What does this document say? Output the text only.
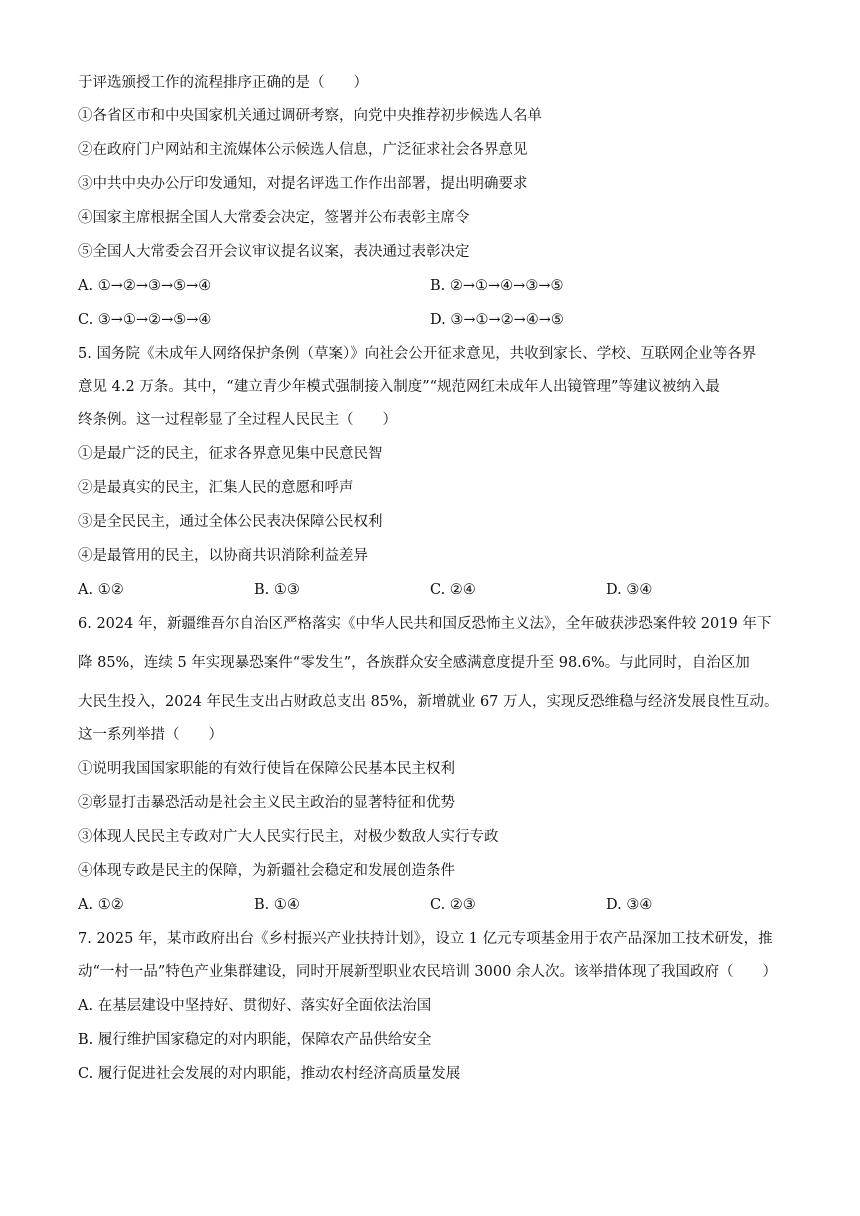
于评选颁授工作的流程排序正确的是（　　）
①各省区市和中央国家机关通过调研考察，向党中央推荐初步候选人名单
②在政府门户网站和主流媒体公示候选人信息，广泛征求社会各界意见
③中共中央办公厅印发通知，对提名评选工作作出部署，提出明确要求
④国家主席根据全国人大常委会决定，签署并公布表彰主席令
⑤全国人大常委会召开会议审议提名议案，表决通过表彰决定
A. ①→②→③→⑤→④	B. ②→①→④→③→⑤
C. ③→①→②→⑤→④	D. ③→①→②→④→⑤
5. 国务院《未成年人网络保护条例（草案）》向社会公开征求意见，共收到家长、学校、互联网企业等各界
意见 4.2 万条。其中，“建立青少年模式强制接入制度”“规范网红未成年人出镜管理”等建议被纳入最
终条例。这一过程彰显了全过程人民民主（　　）
①是最广泛的民主，征求各界意见集中民意民智
②是最真实的民主，汇集人民的意愿和呼声
③是全民民主，通过全体公民表决保障公民权利
④是最管用的民主，以协商共识消除利益差异
A. ①②	B. ①③	C. ②④	D. ③④
6. 2024 年，新疆维吾尔自治区严格落实《中华人民共和国反恐怖主义法》，全年破获涉恐案件较 2019 年下
降 85%，连续 5 年实现暴恐案件“零发生”，各族群众安全感满意度提升至 98.6%。与此同时，自治区加
大民生投入，2024 年民生支出占财政总支出 85%，新增就业 67 万人，实现反恐维稳与经济发展良性互动。
这一系列举措（　　）
①说明我国国家职能的有效行使旨在保障公民基本民主权利
②彰显打击暴恐活动是社会主义民主政治的显著特征和优势
③体现人民民主专政对广大人民实行民主，对极少数敌人实行专政
④体现专政是民主的保障，为新疆社会稳定和发展创造条件
A. ①②	B. ①④	C. ②③	D. ③④
7. 2025 年，某市政府出台《乡村振兴产业扶持计划》，设立 1 亿元专项基金用于农产品深加工技术研发，推
动“一村一品”特色产业集群建设，同时开展新型职业农民培训 3000 余人次。该举措体现了我国政府（　　）
A. 在基层建设中坚持好、贯彻好、落实好全面依法治国
B. 履行维护国家稳定的对内职能，保障农产品供给安全
C. 履行促进社会发展的对内职能，推动农村经济高质量发展
